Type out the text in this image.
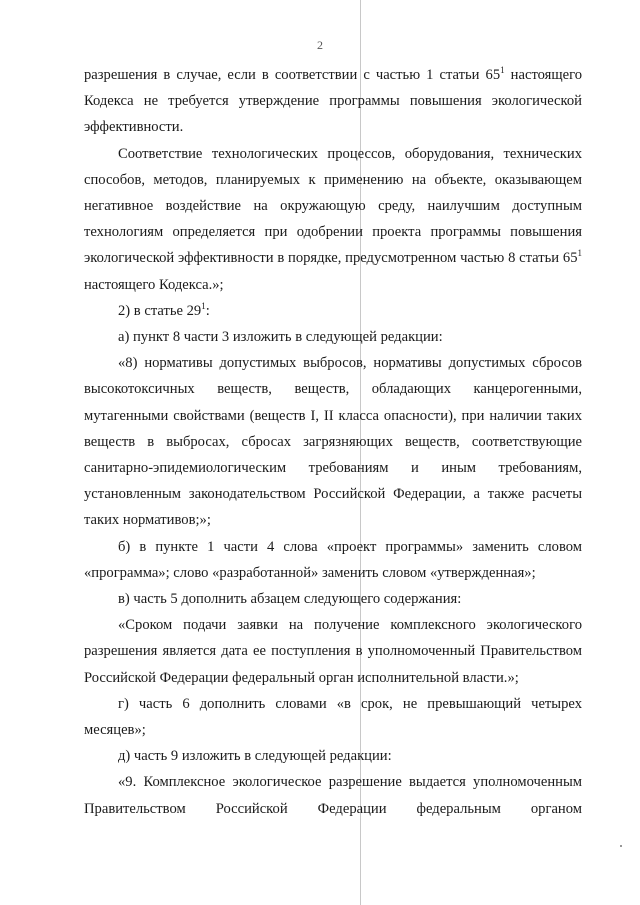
2

разрешения в случае, если в соответствии с частью 1 статьи $65^1$ настоящего Кодекса не требуется утверждение программы повышения экологической эффективности.

Соответствие технологических процессов, оборудования, технических способов, методов, планируемых к применению на объекте, оказывающем негативное воздействие на окружающую среду, наилучшим доступным технологиям определяется при одобрении проекта программы повышения экологической эффективности в порядке, предусмотренном частью 8 статьи $65^1$ настоящего Кодекса.»;

2) в статье $29^1$:

а) пункт 8 части 3 изложить в следующей редакции:

«8) нормативы допустимых выбросов, нормативы допустимых сбросов высокотоксичных веществ, веществ, обладающих канцерогенными, мутагенными свойствами (веществ I, II класса опасности), при наличии таких веществ в выбросах, сбросах загрязняющих веществ, соответствующие санитарно-эпидемиологическим требованиям и иным требованиям, установленным законодательством Российской Федерации, а также расчеты таких нормативов;»;

б) в пункте 1 части 4 слова «проект программы» заменить словом «программа»; слово «разработанной» заменить словом «утвержденная»;

в) часть 5 дополнить абзацем следующего содержания:

«Сроком подачи заявки на получение комплексного экологического разрешения является дата ее поступления в уполномоченный Правительством Российской Федерации федеральный орган исполнительной власти.»;

г) часть 6 дополнить словами «в срок, не превышающий четырех месяцев»;

д) часть 9 изложить в следующей редакции:

«9. Комплексное экологическое разрешение выдается уполномоченным Правительством Российской Федерации федеральным органом
